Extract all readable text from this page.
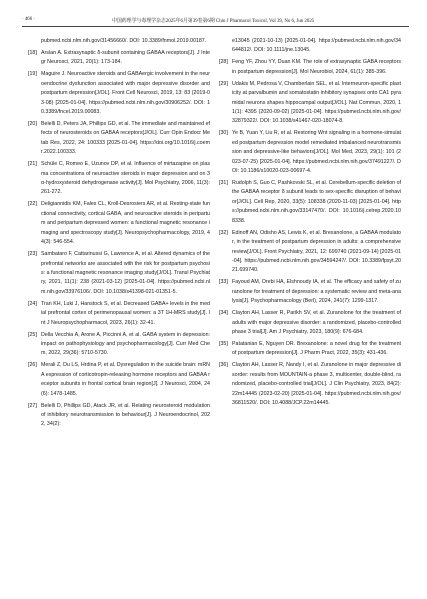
· 466 ·	中国药理学与毒理学杂志2025年6月第39卷第6期 Chin J Pharmacol Toxicol, Vol 39, No 6, Jun 2025
pubmed.ncbi.nlm.nih.gov/31456660/. DOI: 10.3389/fnmol.2019.00187.
[18] Arslan A. Extrasynaptic δ-subunit containing GABAA receptors[J]. J Integr Neurosci, 2021, 20(1): 173-184.
[19] Maguire J. Neuroactive steroids and GABAergic involvement in the neuroendocrine dysfunction associated with major depressive disorder and postpartum depression[J/OL]. Front Cell Neurosci, 2019, 13: 83 (2019-03-08) [2025-01-04]. https://pubmed.ncbi.nlm.nih.gov/30906252/. DOI: 10.3389/fncel.2019.00083.
[20] Belelli D, Peters JA, Phillips GD, et al. The immediate and maintained effects of neurosteroids on GABAA receptors[J/OL]. Curr Opin Endocr Metab Res, 2022, 24: 100333 [2025-01-04]. https://doi.org/10.1016/j.coemr.2022.100333.
[21] Schüle C, Romeo E, Uzunov DP, et al. Influence of mirtazapine on plasma concentrations of neuroactive steroids in major depression and on 3α-hydroxysteroid dehydrogenase activity[J]. Mol Psychiatry, 2006, 11(3): 261-272.
[22] Deligiannidis KM, Fales CL, Kroll-Desrosiers AR, et al. Resting-state functional connectivity, cortical GABA, and neuroactive steroids in peripartum and peripartum depressed women: a functional magnetic resonance imaging and spectroscopy study[J]. Neuropsychopharmacology, 2019, 44(3): 546-554.
[23] Sambataro F, Cattarinussi G, Lawrence A, et al. Altered dynamics of the prefrontal networks are associated with the risk for postpartum psychosis: a functional magnetic resonance imaging study[J/OL]. Transl Psychiatry, 2021, 11(1): 238 (2021-03-12) [2025-01-04]. https://pubmed.ncbi.nlm.nih.gov/33976106/. DOI: 10.1038/s41398-021-01351-5.
[24] Tran KH, Luki J, Hanstock S, et al. Decreased GABA+ levels in the medial prefrontal cortex of perimenopausal women: a 3T 1H-MRS study[J]. Int J Neuropsychopharmacol, 2023, 26(1): 32-41.
[25] Della Vecchia A, Arone A, Piccinni A, et al. GABA system in depression: impact on pathophysiology and psychopharmacology[J]. Curr Med Chem, 2022, 29(36): 5710-5730.
[26] Merali Z, Du LS, Hrdina P, et al. Dysregulation in the suicide brain: mRNA expression of corticotropin-releasing hormone receptors and GABAA receptor subunits in frontal cortical brain region[J]. J Neurosci, 2004, 24(6): 1478-1485.
[27] Belelli D, Phillips GD, Atack JR, et al. Relating neurosteroid modulation of inhibitory neurotransmission to behaviour[J]. J Neuroendocrinol, 2022, 34(2):
e13045 (2021-10-13) [2025-01-04]. https://pubmed.ncbi.nlm.nih.gov/34644812/. DOI: 10.1111/jne.13045.
[28] Feng YF, Zhou YY, Duan KM. The role of extrasynaptic GABA receptors in postpartum depression[J]. Mol Neurobiol, 2024, 61(1): 385-396.
[29] Udakis M, Pedrosa V, Chamberlain SEL, et al. Interneuron-specific plasticity at parvalbumin and somatostatin inhibitory synapses onto CA1 pyramidal neurons shapes hippocampal output[J/OL]. Nat Commun, 2020, 11(1): 4395 (2020-09-02) [2025-01-04]. https://pubmed.ncbi.nlm.nih.gov/32879322/. DOI: 10.1038/s41467-020-18074-8.
[30] Ye B, Yuan Y, Liu R, et al. Restoring Wnt signaling in a hormone-simulated postpartum depression model remediated imbalanced neurotransmission and depressive-like behaviors[J/OL]. Mol Med, 2023, 29(1): 101 (2023-07-25) [2025-01-04]. https://pubmed.ncbi.nlm.nih.gov/37491227/. DOI: 10.1186/s10020-023-00697-4.
[31] Rudolph S, Guo C, Pashkovski SL, et al. Cerebellum-specific deletion of the GABAA receptor δ subunit leads to sex-specific disruption of behavior[J/OL]. Cell Rep, 2020, 33(5): 108338 (2020-11-03) [2025-01-04]. https://pubmed.ncbi.nlm.nih.gov/33147470/. DOI: 10.1016/j.celrep.2020.108338.
[32] Edinoff AN, Odisho AS, Lewis K, et al. Brexanolone, a GABAA modulator, in the treatment of postpartum depression in adults: a comprehensive review[J/OL]. Front Psychiatry, 2021, 12: 699740 (2021-09-14) [2025-01-04]. https://pubmed.ncbi.nlm.nih.gov/34594247/. DOI: 10.3389/fpsyt.2021.699740.
[33] Fayoud AM, Orebi HA, Elshnoudy IA, et al. The efficacy and safety of zuranolone for treatment of depression: a systematic review and meta-analysis[J]. Psychopharmacology (Berl), 2024, 241(7): 1299-1317.
[34] Clayton AH, Lasser R, Parikh SV, et al. Zuranolone for the treatment of adults with major depressive disorder: a randomized, placebo-controlled phase 3 trial[J]. Am J Psychiatry, 2023, 180(9): 676-684.
[35] Patatanian E, Nguyen DR. Brexanolone: a novel drug for the treatment of postpartum depression[J]. J Pharm Pract, 2022, 35(3): 431-436.
[36] Clayton AH, Lasser R, Nandy I, et al. Zuranolone in major depressive disorder: results from MOUNTAIN-a phase 3, multicenter, double-blind, randomized, placebo-controlled trial[J/OL]. J Clin Psychiatry, 2023, 84(2): 22m14445 (2023-02-20) [2025-01-04]. https://pubmed.ncbi.nlm.nih.gov/36811520/. DOI: 10.4088/JCP.22m14445.
